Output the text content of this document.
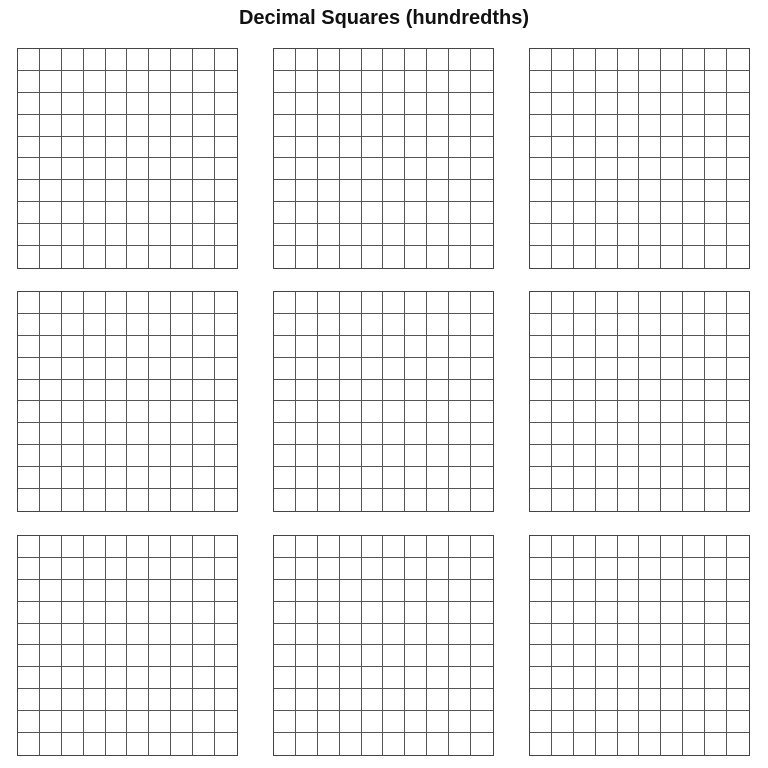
Decimal Squares (hundredths)
